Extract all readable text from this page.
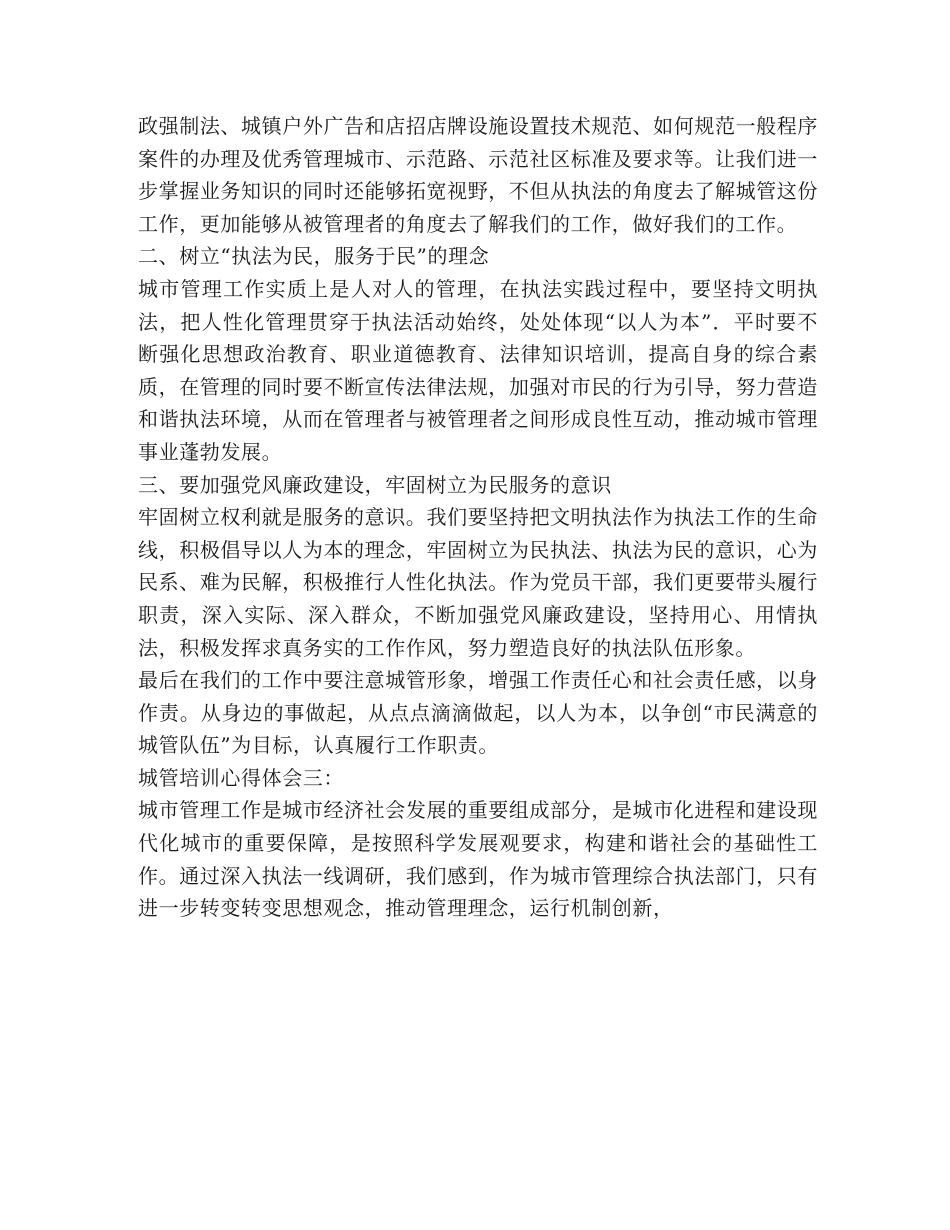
政强制法、城镇户外广告和店招店牌设施设置技术规范、如何规范一般程序案件的办理及优秀管理城市、示范路、示范社区标准及要求等。让我们进一步掌握业务知识的同时还能够拓宽视野，不但从执法的角度去了解城管这份工作，更加能够从被管理者的角度去了解我们的工作，做好我们的工作。

二、树立“执法为民，服务于民”的理念

城市管理工作实质上是人对人的管理，在执法实践过程中，要坚持文明执法，把人性化管理贯穿于执法活动始终，处处体现“以人为本”．平时要不断强化思想政治教育、职业道德教育、法律知识培训，提高自身的综合素质，在管理的同时要不断宣传法律法规，加强对市民的行为引导，努力营造和谐执法环境，从而在管理者与被管理者之间形成良性互动，推动城市管理事业蓬勃发展。

三、要加强党风廉政建设，牢固树立为民服务的意识

牢固树立权利就是服务的意识。我们要坚持把文明执法作为执法工作的生命线，积极倡导以人为本的理念，牢固树立为民执法、执法为民的意识，心为民系、难为民解，积极推行人性化执法。作为党员干部，我们更要带头履行职责，深入实际、深入群众，不断加强党风廉政建设，坚持用心、用情执法，积极发挥求真务实的工作作风，努力塑造良好的执法队伍形象。

最后在我们的工作中要注意城管形象，增强工作责任心和社会责任感，以身作责。从身边的事做起，从点点滴滴做起，以人为本，以争创“市民满意的城管队伍”为目标，认真履行工作职责。

城管培训心得体会三：

城市管理工作是城市经济社会发展的重要组成部分，是城市化进程和建设现代化城市的重要保障，是按照科学发展观要求，构建和谐社会的基础性工作。通过深入执法一线调研，我们感到，作为城市管理综合执法部门，只有进一步转变转变思想观念，推动管理理念，运行机制创新，
